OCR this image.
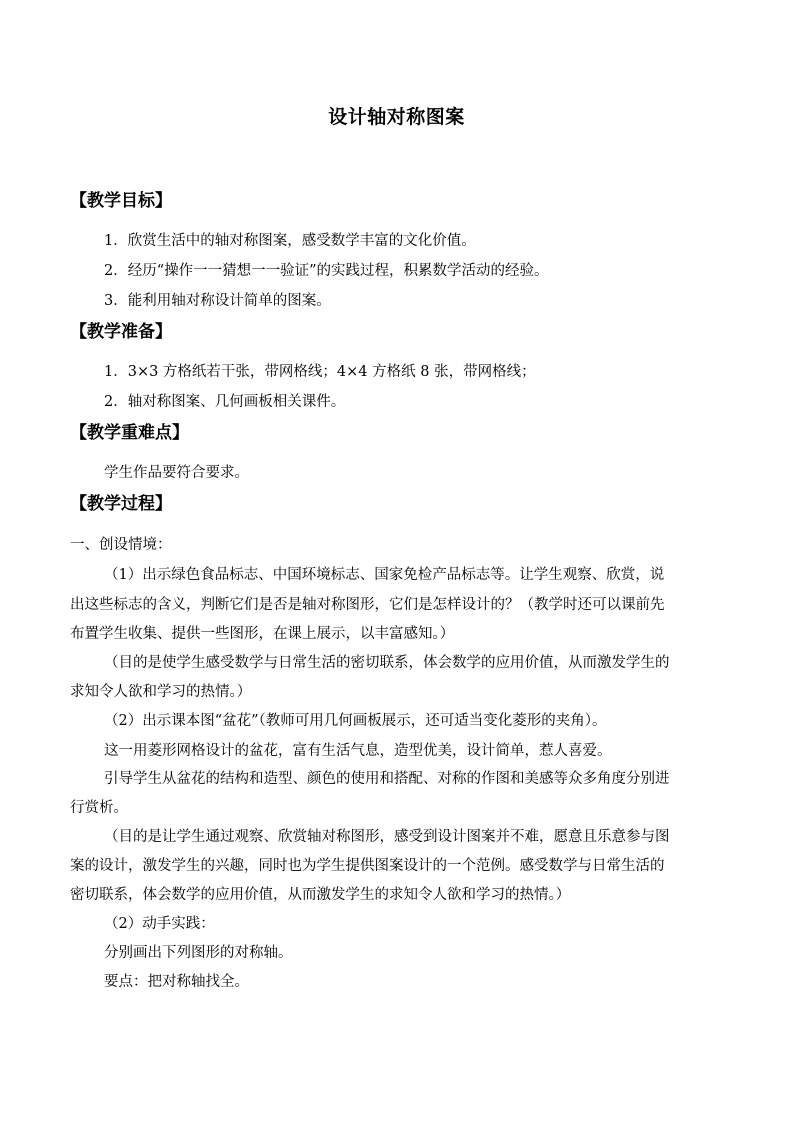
设计轴对称图案
【教学目标】
1．欣赏生活中的轴对称图案，感受数学丰富的文化价值。
2．经历“操作一一猜想一一验证”的实践过程，积累数学活动的经验。
3．能利用轴对称设计简单的图案。
【教学准备】
1．3×3 方格纸若干张，带网格线；4×4 方格纸 8 张，带网格线；
2．轴对称图案、几何画板相关课件。
【教学重难点】
学生作品要符合要求。
【教学过程】
一、创设情境：
（1）出示绿色食品标志、中国环境标志、国家免检产品标志等。让学生观察、欣赏，说
出这些标志的含义，判断它们是否是轴对称图形，它们是怎样设计的？（教学时还可以课前先
布置学生收集、提供一些图形，在课上展示，以丰富感知。）
（目的是使学生感受数学与日常生活的密切联系，体会数学的应用价值，从而激发学生的
求知令人欲和学习的热情。）
（2）出示课本图“盆花”（教师可用几何画板展示，还可适当变化菱形的夹角）。
这一用菱形网格设计的盆花，富有生活气息，造型优美，设计简单，惹人喜爱。
引导学生从盆花的结构和造型、颜色的使用和搭配、对称的作图和美感等众多角度分别进
行赏析。
（目的是让学生通过观察、欣赏轴对称图形，感受到设计图案并不难，愿意且乐意参与图
案的设计，激发学生的兴趣，同时也为学生提供图案设计的一个范例。感受数学与日常生活的
密切联系，体会数学的应用价值，从而激发学生的求知令人欲和学习的热情。）
（2）动手实践：
分别画出下列图形的对称轴。
要点：把对称轴找全。
